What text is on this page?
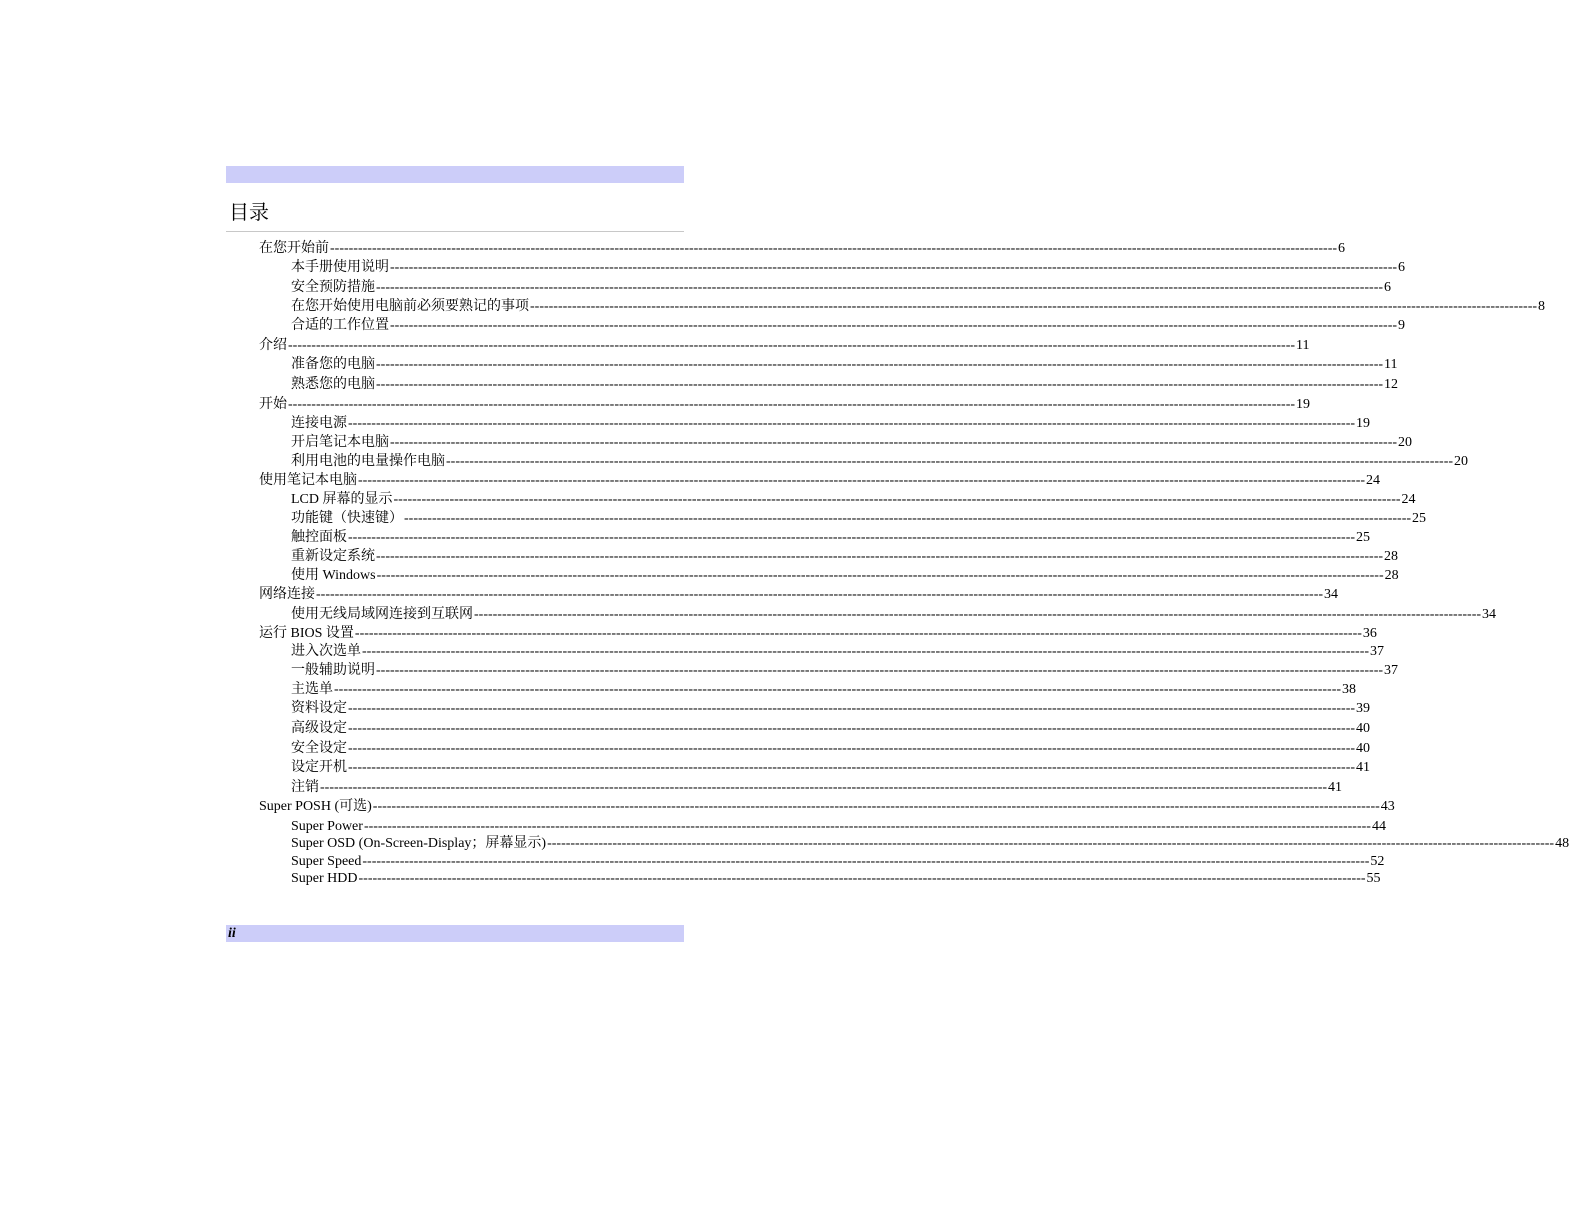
目录
在您开始前 ------------------------------------------------------------------------------------------------------------------------------------------------------------------------------------------------------------------------ 6
本手册使用说明 ------------------------------------------------------------------------------------------------------------------------------------------------------------------------------------------------------------------------ 6
安全预防措施 ------------------------------------------------------------------------------------------------------------------------------------------------------------------------------------------------------------------------ 6
在您开始使用电脑前必须要熟记的事项 ------------------------------------------------------------------------------------------------------------------------------------------------------------------------------------------------------------------------ 8
合适的工作位置 ------------------------------------------------------------------------------------------------------------------------------------------------------------------------------------------------------------------------ 9
介绍 ------------------------------------------------------------------------------------------------------------------------------------------------------------------------------------------------------------------------ 11
准备您的电脑 ------------------------------------------------------------------------------------------------------------------------------------------------------------------------------------------------------------------------ 11
熟悉您的电脑 ------------------------------------------------------------------------------------------------------------------------------------------------------------------------------------------------------------------------ 12
开始 ------------------------------------------------------------------------------------------------------------------------------------------------------------------------------------------------------------------------ 19
连接电源 ------------------------------------------------------------------------------------------------------------------------------------------------------------------------------------------------------------------------ 19
开启笔记本电脑 ------------------------------------------------------------------------------------------------------------------------------------------------------------------------------------------------------------------------ 20
利用电池的电量操作电脑 ------------------------------------------------------------------------------------------------------------------------------------------------------------------------------------------------------------------------ 20
使用笔记本电脑 ------------------------------------------------------------------------------------------------------------------------------------------------------------------------------------------------------------------------ 24
LCD 屏幕的显示 ------------------------------------------------------------------------------------------------------------------------------------------------------------------------------------------------------------------------ 24
功能键（快速键） ------------------------------------------------------------------------------------------------------------------------------------------------------------------------------------------------------------------------ 25
触控面板 ------------------------------------------------------------------------------------------------------------------------------------------------------------------------------------------------------------------------ 25
重新设定系统 ------------------------------------------------------------------------------------------------------------------------------------------------------------------------------------------------------------------------ 28
使用 Windows ------------------------------------------------------------------------------------------------------------------------------------------------------------------------------------------------------------------------ 28
网络连接 ------------------------------------------------------------------------------------------------------------------------------------------------------------------------------------------------------------------------ 34
使用无线局域网连接到互联网 ------------------------------------------------------------------------------------------------------------------------------------------------------------------------------------------------------------------------ 34
运行 BIOS 设置 ------------------------------------------------------------------------------------------------------------------------------------------------------------------------------------------------------------------------ 36
进入次选单 ------------------------------------------------------------------------------------------------------------------------------------------------------------------------------------------------------------------------ 37
一般辅助说明 ------------------------------------------------------------------------------------------------------------------------------------------------------------------------------------------------------------------------ 37
主选单 ------------------------------------------------------------------------------------------------------------------------------------------------------------------------------------------------------------------------ 38
资料设定 ------------------------------------------------------------------------------------------------------------------------------------------------------------------------------------------------------------------------ 39
高级设定 ------------------------------------------------------------------------------------------------------------------------------------------------------------------------------------------------------------------------ 40
安全设定 ------------------------------------------------------------------------------------------------------------------------------------------------------------------------------------------------------------------------ 40
设定开机 ------------------------------------------------------------------------------------------------------------------------------------------------------------------------------------------------------------------------ 41
注销 ------------------------------------------------------------------------------------------------------------------------------------------------------------------------------------------------------------------------ 41
Super POSH (可选) ------------------------------------------------------------------------------------------------------------------------------------------------------------------------------------------------------------------------ 43
Super Power ------------------------------------------------------------------------------------------------------------------------------------------------------------------------------------------------------------------------ 44
Super OSD (On-Screen-Display；屏幕显示) ------------------------------------------------------------------------------------------------------------------------------------------------------------------------------------------------------------------------ 48
Super Speed ------------------------------------------------------------------------------------------------------------------------------------------------------------------------------------------------------------------------ 52
Super HDD ------------------------------------------------------------------------------------------------------------------------------------------------------------------------------------------------------------------------ 55
ii
